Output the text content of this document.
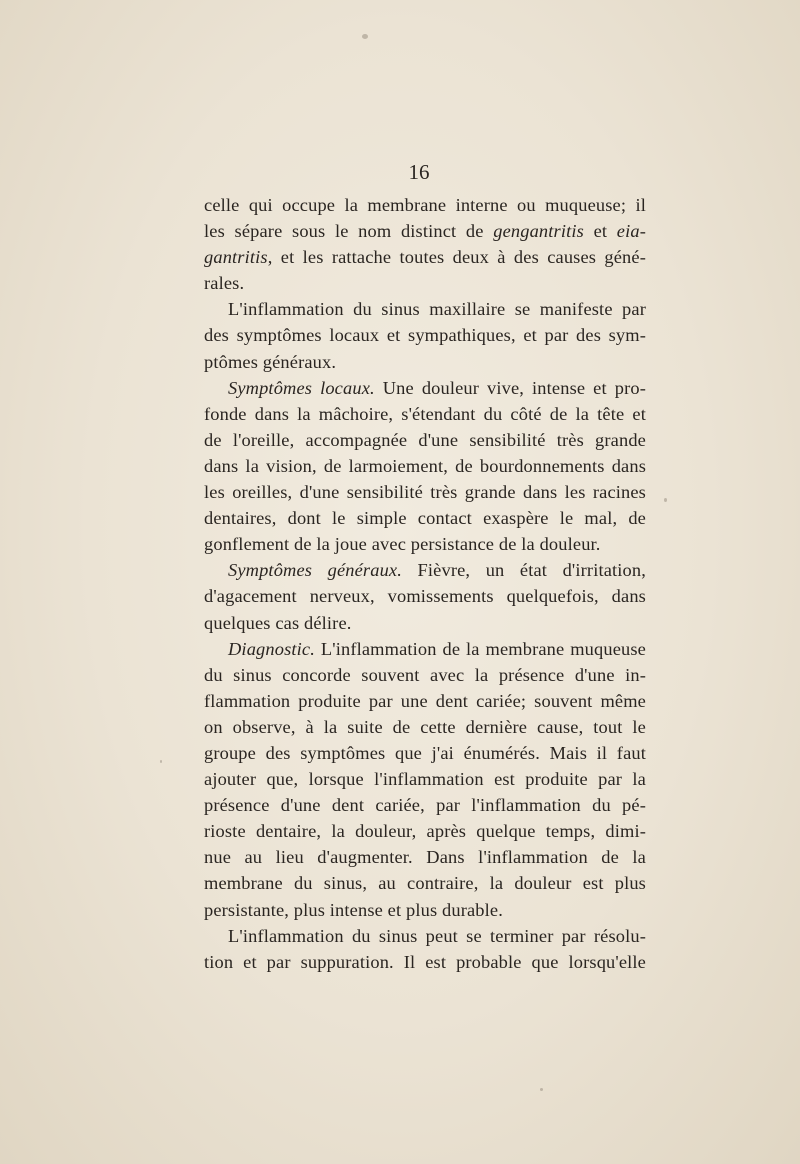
16
celle qui occupe la membrane interne ou muqueuse; il
les sépare sous le nom distinct de gengantritis et eia-
gantritis, et les rattache toutes deux à des causes géné-
rales.
L'inflammation du sinus maxillaire se manifeste par
des symptômes locaux et sympathiques, et par des sym-
ptômes généraux.
Symptômes locaux. Une douleur vive, intense et pro-
fonde dans la mâchoire, s'étendant du côté de la tête et
de l'oreille, accompagnée d'une sensibilité très grande
dans la vision, de larmoiement, de bourdonnements dans
les oreilles, d'une sensibilité très grande dans les racines
dentaires, dont le simple contact exaspère le mal, de
gonflement de la joue avec persistance de la douleur.
Symptômes généraux. Fièvre, un état d'irritation,
d'agacement nerveux, vomissements quelquefois, dans
quelques cas délire.
Diagnostic. L'inflammation de la membrane muqueuse
du sinus concorde souvent avec la présence d'une in-
flammation produite par une dent cariée; souvent même
on observe, à la suite de cette dernière cause, tout le
groupe des symptômes que j'ai énumérés. Mais il faut
ajouter que, lorsque l'inflammation est produite par la
présence d'une dent cariée, par l'inflammation du pé-
rioste dentaire, la douleur, après quelque temps, dimi-
nue au lieu d'augmenter. Dans l'inflammation de la
membrane du sinus, au contraire, la douleur est plus
persistante, plus intense et plus durable.
L'inflammation du sinus peut se terminer par résolu-
tion et par suppuration. Il est probable que lorsqu'elle
